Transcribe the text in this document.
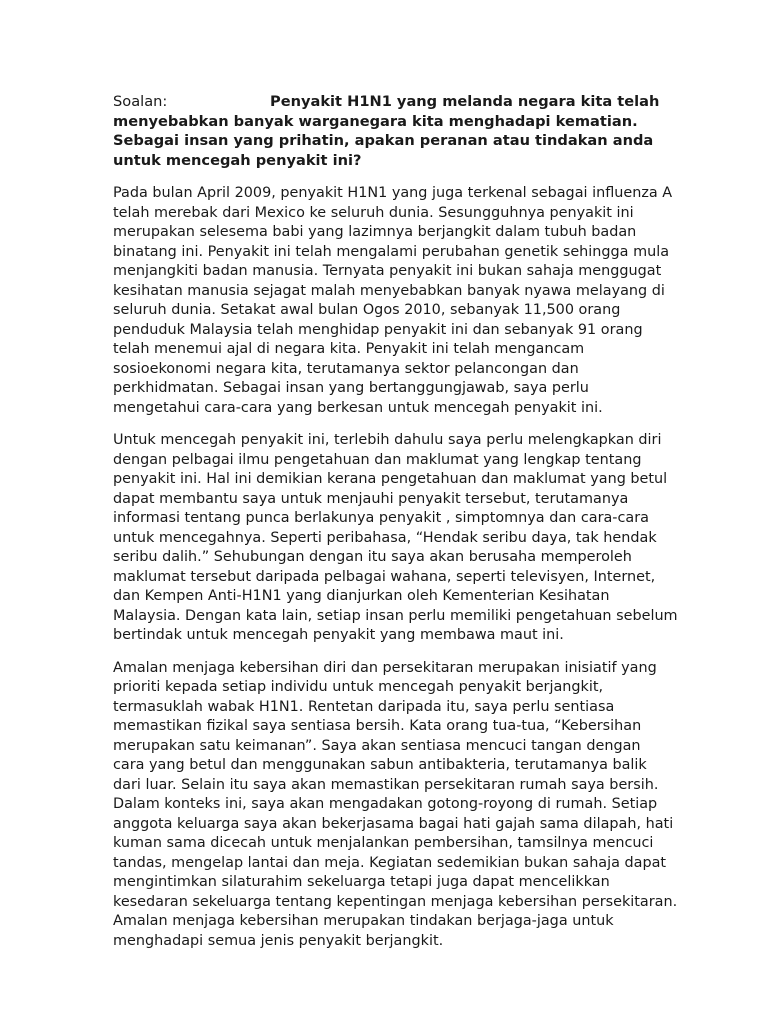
Soalan:	Penyakit H1N1 yang melanda negara kita telah
menyebabkan banyak warganegara kita menghadapi kematian.
Sebagai insan yang prihatin, apakan peranan atau tindakan anda
untuk mencegah penyakit ini?
Pada bulan April 2009, penyakit H1N1 yang juga terkenal sebagai influenza A
telah merebak dari Mexico ke seluruh dunia. Sesungguhnya penyakit ini
merupakan selesema babi yang lazimnya berjangkit dalam tubuh badan
binatang ini. Penyakit ini telah mengalami perubahan genetik sehingga mula
menjangkiti badan manusia. Ternyata penyakit ini bukan sahaja menggugat
kesihatan manusia sejagat malah menyebabkan banyak nyawa melayang di
seluruh dunia. Setakat awal bulan Ogos 2010, sebanyak 11,500 orang
penduduk Malaysia telah menghidap penyakit ini dan sebanyak 91 orang
telah menemui ajal di negara kita. Penyakit ini telah mengancam
sosioekonomi negara kita, terutamanya sektor pelancongan dan
perkhidmatan. Sebagai insan yang bertanggungjawab, saya perlu
mengetahui cara-cara yang berkesan untuk mencegah penyakit ini.
Untuk mencegah penyakit ini, terlebih dahulu saya perlu melengkapkan diri
dengan pelbagai ilmu pengetahuan dan maklumat yang lengkap tentang
penyakit ini. Hal ini demikian kerana pengetahuan dan maklumat yang betul
dapat membantu saya untuk menjauhi penyakit tersebut, terutamanya
informasi tentang punca berlakunya penyakit , simptomnya dan cara-cara
untuk mencegahnya. Seperti peribahasa, “Hendak seribu daya, tak hendak
seribu dalih.” Sehubungan dengan itu saya akan berusaha memperoleh
maklumat tersebut daripada pelbagai wahana, seperti televisyen, Internet,
dan Kempen Anti-H1N1 yang dianjurkan oleh Kementerian Kesihatan
Malaysia. Dengan kata lain, setiap insan perlu memiliki pengetahuan sebelum
bertindak untuk mencegah penyakit yang membawa maut ini.
Amalan menjaga kebersihan diri dan persekitaran merupakan inisiatif yang
prioriti kepada setiap individu untuk mencegah penyakit berjangkit,
termasuklah wabak H1N1. Rentetan daripada itu, saya perlu sentiasa
memastikan fizikal saya sentiasa bersih. Kata orang tua-tua, “Kebersihan
merupakan satu keimanan”. Saya akan sentiasa mencuci tangan dengan
cara yang betul dan menggunakan sabun antibakteria, terutamanya balik
dari luar. Selain itu saya akan memastikan persekitaran rumah saya bersih.
Dalam konteks ini, saya akan mengadakan gotong-royong di rumah. Setiap
anggota keluarga saya akan bekerjasama bagai hati gajah sama dilapah, hati
kuman sama dicecah untuk menjalankan pembersihan, tamsilnya mencuci
tandas, mengelap lantai dan meja. Kegiatan sedemikian bukan sahaja dapat
mengintimkan silaturahim sekeluarga tetapi juga dapat mencelikkan
kesedaran sekeluarga tentang kepentingan menjaga kebersihan persekitaran.
Amalan menjaga kebersihan merupakan tindakan berjaga-jaga untuk
menghadapi semua jenis penyakit berjangkit.
